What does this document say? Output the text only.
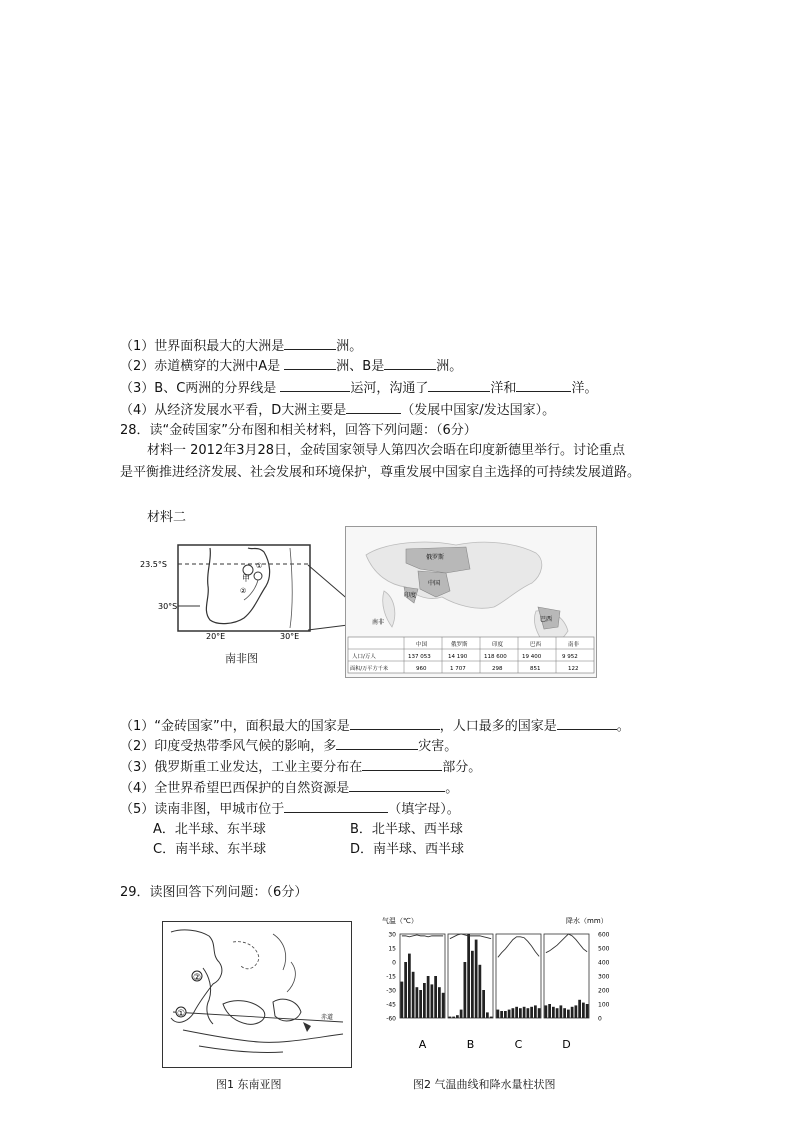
（1）世界面积最大的大洲是	洲。
（2）赤道横穿的大洲中A是	洲、B是	洲。
（3）B、C两洲的分界线是	运河，沟通了	洋和	洋。
（4）从经济发展水平看，D大洲主要是	（发展中国家/发达国家）。
28．读“金砖国家”分布图和相关材料，回答下列问题：（6分）
材料一 2012年3月28日，金砖国家领导人第四次会晤在印度新德里举行。讨论重点
是平衡推进经济发展、社会发展和环境保护，尊重发展中国家自主选择的可持续发展道路。
材料二
23.5°S
30°S
甲
①
②
20°E	30°E
南非图
俄罗斯
中国
印度
巴西
南非
中国	俄罗斯	印度	巴西	南非
人口/万人	137 053	14 190	118 600	19 400	9 952
面积/万平方千米	960	1 707	298	851	122
（1）“金砖国家”中，面积最大的国家是	，人口最多的国家是	。
（2）印度受热带季风气候的影响，多	灾害。
（3）俄罗斯重工业发达，工业主要分布在	部分。
（4）全世界希望巴西保护的自然资源是	。
（5）读南非图，甲城市位于	（填字母）。
A．北半球、东半球	B．北半球、西半球
C．南半球、东半球	D．南半球、西半球
29．读图回答下列问题：（6分）
赤道
②
①
图1 东南亚图
气温（℃）	降水（mm）
30
15
0
-15
-30
-45
-60
600
500
400
300
200
100
0
A	B	C	D
图2 气温曲线和降水量柱状图
